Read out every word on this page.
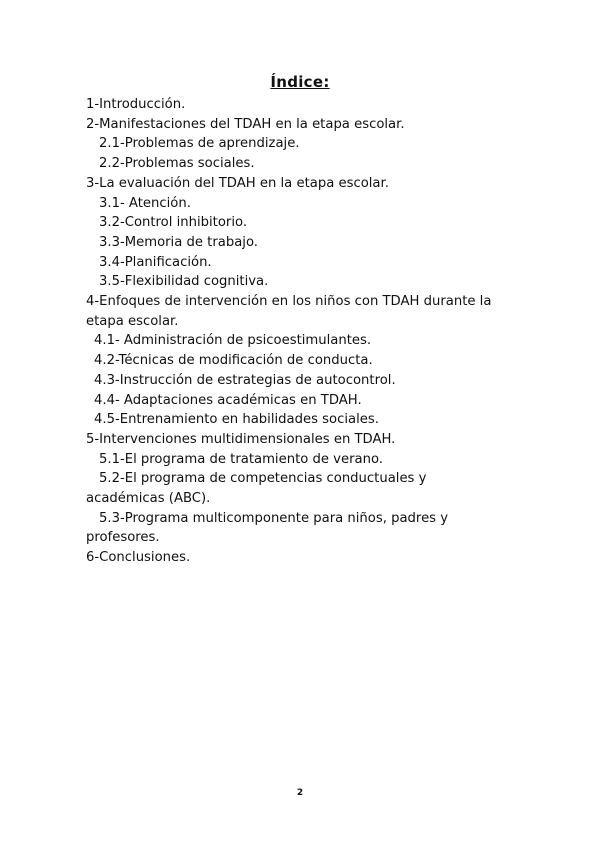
Índice:
1-Introducción.
2-Manifestaciones del TDAH en la etapa escolar.
2.1-Problemas de aprendizaje.
2.2-Problemas sociales.
3-La evaluación del TDAH en la etapa escolar.
3.1- Atención.
3.2-Control inhibitorio.
3.3-Memoria de trabajo.
3.4-Planificación.
3.5-Flexibilidad cognitiva.
4-Enfoques de intervención en los niños con TDAH durante la etapa escolar.
4.1- Administración de psicoestimulantes.
4.2-Técnicas de modificación de conducta.
4.3-Instrucción de estrategias de autocontrol.
4.4- Adaptaciones académicas en TDAH.
4.5-Entrenamiento en habilidades sociales.
5-Intervenciones multidimensionales en TDAH.
5.1-El programa de tratamiento de verano.
5.2-El programa de competencias conductuales y académicas (ABC).
5.3-Programa multicomponente para niños, padres y profesores.
6-Conclusiones.
2
